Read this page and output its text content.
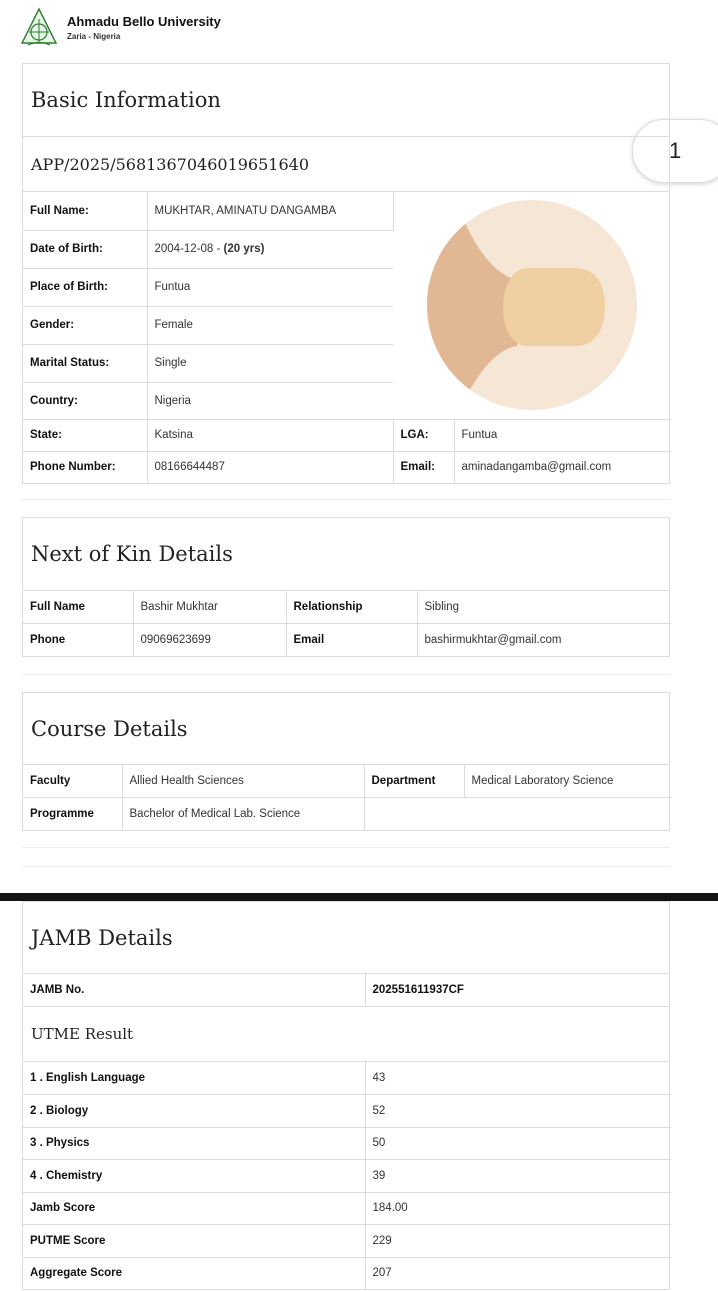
Ahmadu Bello University
Zaria - Nigeria
1
Basic Information
APP/2025/5681367046019651640
Full Name:	MUKHTAR, AMINATU DANGAMBA	

Date of Birth:	2004-12-08 - (20 yrs)		
Place of Birth:	Funtua		
Gender:	Female		
Marital Status:	Single		
Country:	Nigeria		
State:	Katsina	LGA:	Funtua
Phone Number:	08166644487	Email:	aminadangamba@gmail.com
Next of Kin Details
Full Name	Bashir Mukhtar	Relationship	Sibling
Phone	09069623699	Email	bashirmukhtar@gmail.com
Course Details
Faculty	Allied Health Sciences	Department	Medical Laboratory Science
Programme	Bachelor of Medical Lab. Science		
JAMB Details
JAMB No.	202551611937CF
UTME Result
1 . English Language	43
2 . Biology	52
3 . Physics	50
4 . Chemistry	39
Jamb Score	184.00
PUTME Score	229
Aggregate Score	207
